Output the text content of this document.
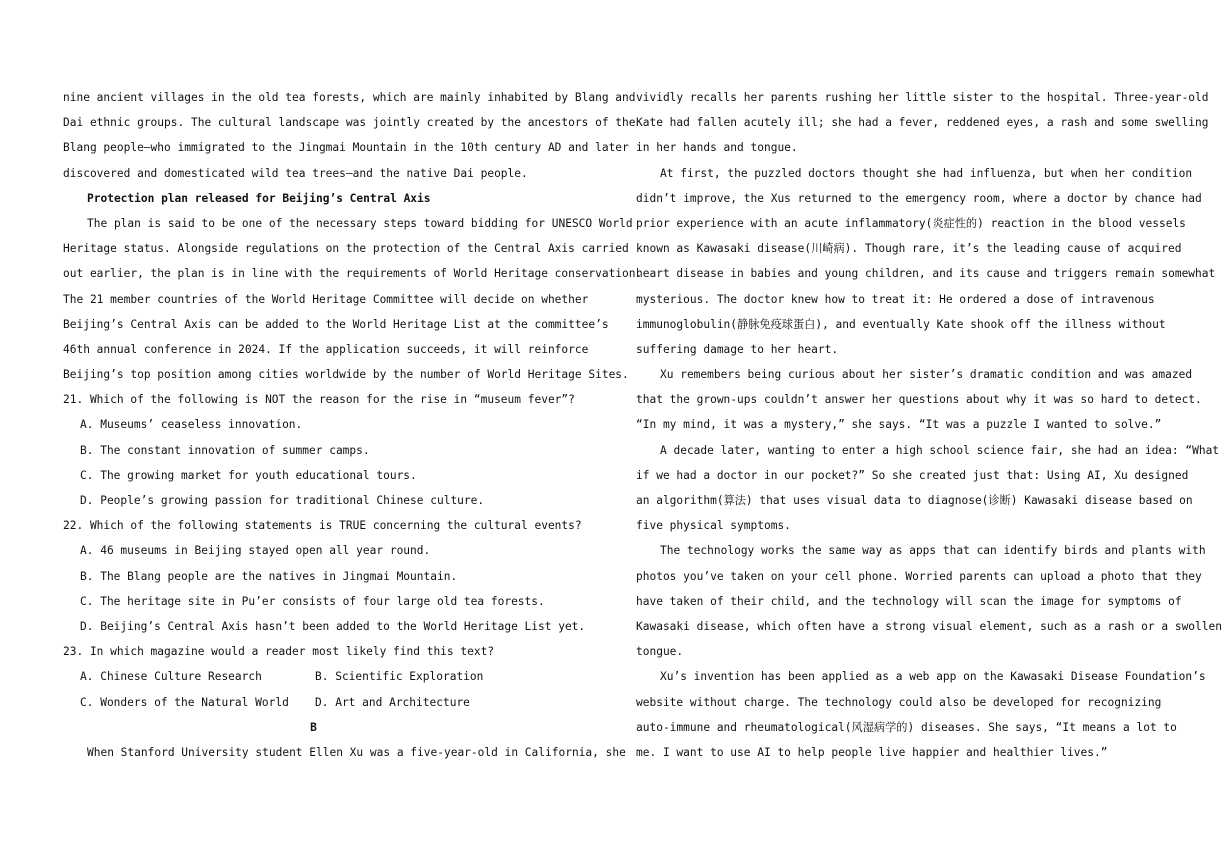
nine ancient villages in the old tea forests, which are mainly inhabited by Blang and
Dai ethnic groups. The cultural landscape was jointly created by the ancestors of the
Blang people—who immigrated to the Jingmai Mountain in the 10th century AD and later
discovered and domesticated wild tea trees—and the native Dai people.
Protection plan released for Beijing’s Central Axis
The plan is said to be one of the necessary steps toward bidding for UNESCO World
Heritage status. Alongside regulations on the protection of the Central Axis carried
out earlier, the plan is in line with the requirements of World Heritage conservation.
The 21 member countries of the World Heritage Committee will decide on whether
Beijing’s Central Axis can be added to the World Heritage List at the committee’s
46th annual conference in 2024. If the application succeeds, it will reinforce
Beijing’s top position among cities worldwide by the number of World Heritage Sites.
21. Which of the following is NOT the reason for the rise in “museum fever”?
A. Museums’ ceaseless innovation.
B. The constant innovation of summer camps.
C. The growing market for youth educational tours.
D. People’s growing passion for traditional Chinese culture.
22. Which of the following statements is TRUE concerning the cultural events?
A. 46 museums in Beijing stayed open all year round.
B. The Blang people are the natives in Jingmai Mountain.
C. The heritage site in Pu’er consists of four large old tea forests.
D. Beijing’s Central Axis hasn’t been added to the World Heritage List yet.
23. In which magazine would a reader most likely find this text?
A. Chinese Culture Research	B. Scientific Exploration
C. Wonders of the Natural World	D. Art and Architecture
B
When Stanford University student Ellen Xu was a five-year-old in California, she
vividly recalls her parents rushing her little sister to the hospital. Three-year-old
Kate had fallen acutely ill; she had a fever, reddened eyes, a rash and some swelling
in her hands and tongue.
At first, the puzzled doctors thought she had influenza, but when her condition
didn’t improve, the Xus returned to the emergency room, where a doctor by chance had
prior experience with an acute inflammatory(炎症性的) reaction in the blood vessels
known as Kawasaki disease(川崎病). Though rare, it’s the leading cause of acquired
heart disease in babies and young children, and its cause and triggers remain somewhat
mysterious. The doctor knew how to treat it: He ordered a dose of intravenous
immunoglobulin(静脉免疫球蛋白), and eventually Kate shook off the illness without
suffering damage to her heart.
Xu remembers being curious about her sister’s dramatic condition and was amazed
that the grown-ups couldn’t answer her questions about why it was so hard to detect.
“In my mind, it was a mystery,” she says. “It was a puzzle I wanted to solve.”
A decade later, wanting to enter a high school science fair, she had an idea: “What
if we had a doctor in our pocket?” So she created just that: Using AI, Xu designed
an algorithm(算法) that uses visual data to diagnose(诊断) Kawasaki disease based on
five physical symptoms.
The technology works the same way as apps that can identify birds and plants with
photos you’ve taken on your cell phone. Worried parents can upload a photo that they
have taken of their child, and the technology will scan the image for symptoms of
Kawasaki disease, which often have a strong visual element, such as a rash or a swollen
tongue.
Xu’s invention has been applied as a web app on the Kawasaki Disease Foundation’s
website without charge. The technology could also be developed for recognizing
auto-immune and rheumatological(风湿病学的) diseases. She says, “It means a lot to
me. I want to use AI to help people live happier and healthier lives.”
